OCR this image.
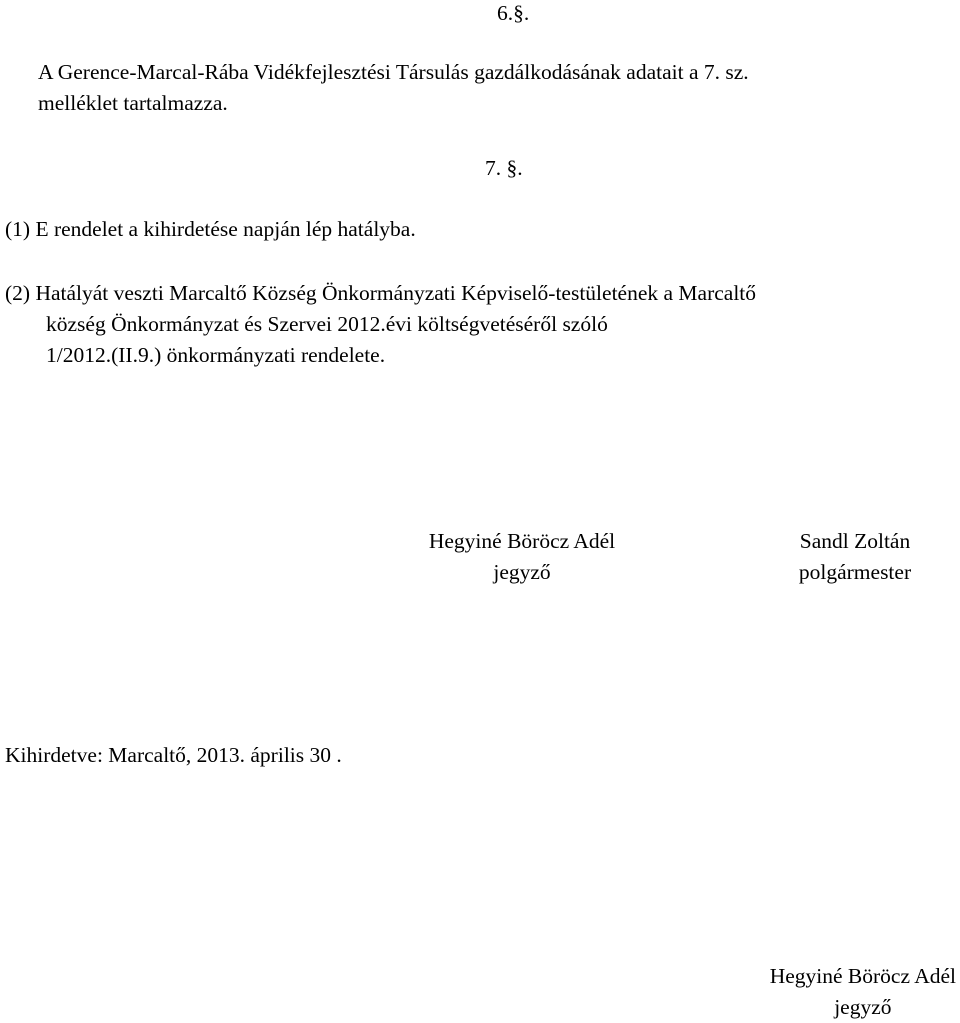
6.§.
A Gerence-Marcal-Rába Vidékfejlesztési Társulás gazdálkodásának adatait a 7. sz.
melléklet tartalmazza.
7. §.
(1) E rendelet a kihirdetése napján lép hatályba.
(2) Hatályát veszti Marcaltő Község Önkormányzati Képviselő-testületének a Marcaltő
község Önkormányzat és Szervei 2012.évi költségvetéséről szóló
1/2012.(II.9.) önkormányzati rendelete.
Hegyiné Böröcz Adél
jegyző
Sandl Zoltán
polgármester
Kihirdetve: Marcaltő, 2013. április 30 .
Hegyiné Böröcz Adél
jegyző
